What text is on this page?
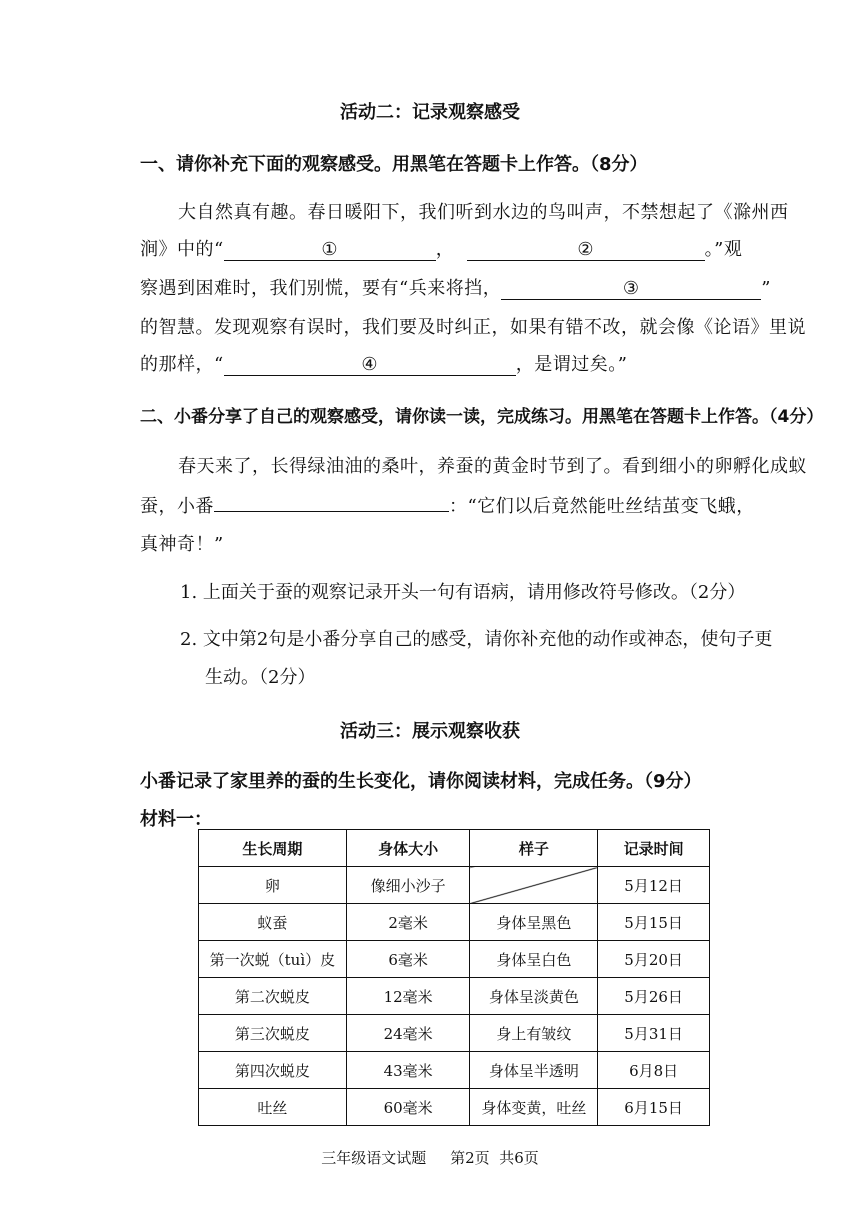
活动二：记录观察感受
一、请你补充下面的观察感受。用黑笔在答题卡上作答。（8分）
大自然真有趣。春日暖阳下，我们听到水边的鸟叫声，不禁想起了《滁州西
涧》中的“	①	，	②	。”观
察遇到困难时，我们别慌，要有“兵来将挡，	③	”
的智慧。发现观察有误时，我们要及时纠正，如果有错不改，就会像《论语》里说
的那样，“	④	，是谓过矣。”
二、小番分享了自己的观察感受，请你读一读，完成练习。用黑笔在答题卡上作答。（4分）
春天来了，长得绿油油的桑叶，养蚕的黄金时节到了。看到细小的卵孵化成蚁
蚕，小番	：“它们以后竟然能吐丝结茧变飞蛾，
真神奇！”
1. 上面关于蚕的观察记录开头一句有语病，请用修改符号修改。（2分）
2. 文中第2句是小番分享自己的感受，请你补充他的动作或神态，使句子更
生动。（2分）
活动三：展示观察收获
小番记录了家里养的蚕的生长变化，请你阅读材料，完成任务。（9分）
材料一：
生长周期	身体大小	样子	记录时间
卵	像细小沙子		5月12日
蚁蚕	2毫米	身体呈黑色	5月15日
第一次蜕（tuì）皮	6毫米	身体呈白色	5月20日
第二次蜕皮	12毫米	身体呈淡黄色	5月26日
第三次蜕皮	24毫米	身上有皱纹	5月31日
第四次蜕皮	43毫米	身体呈半透明	6月8日
吐丝	60毫米	身体变黄，吐丝	6月15日
三年级语文试题 第2页 共6页
